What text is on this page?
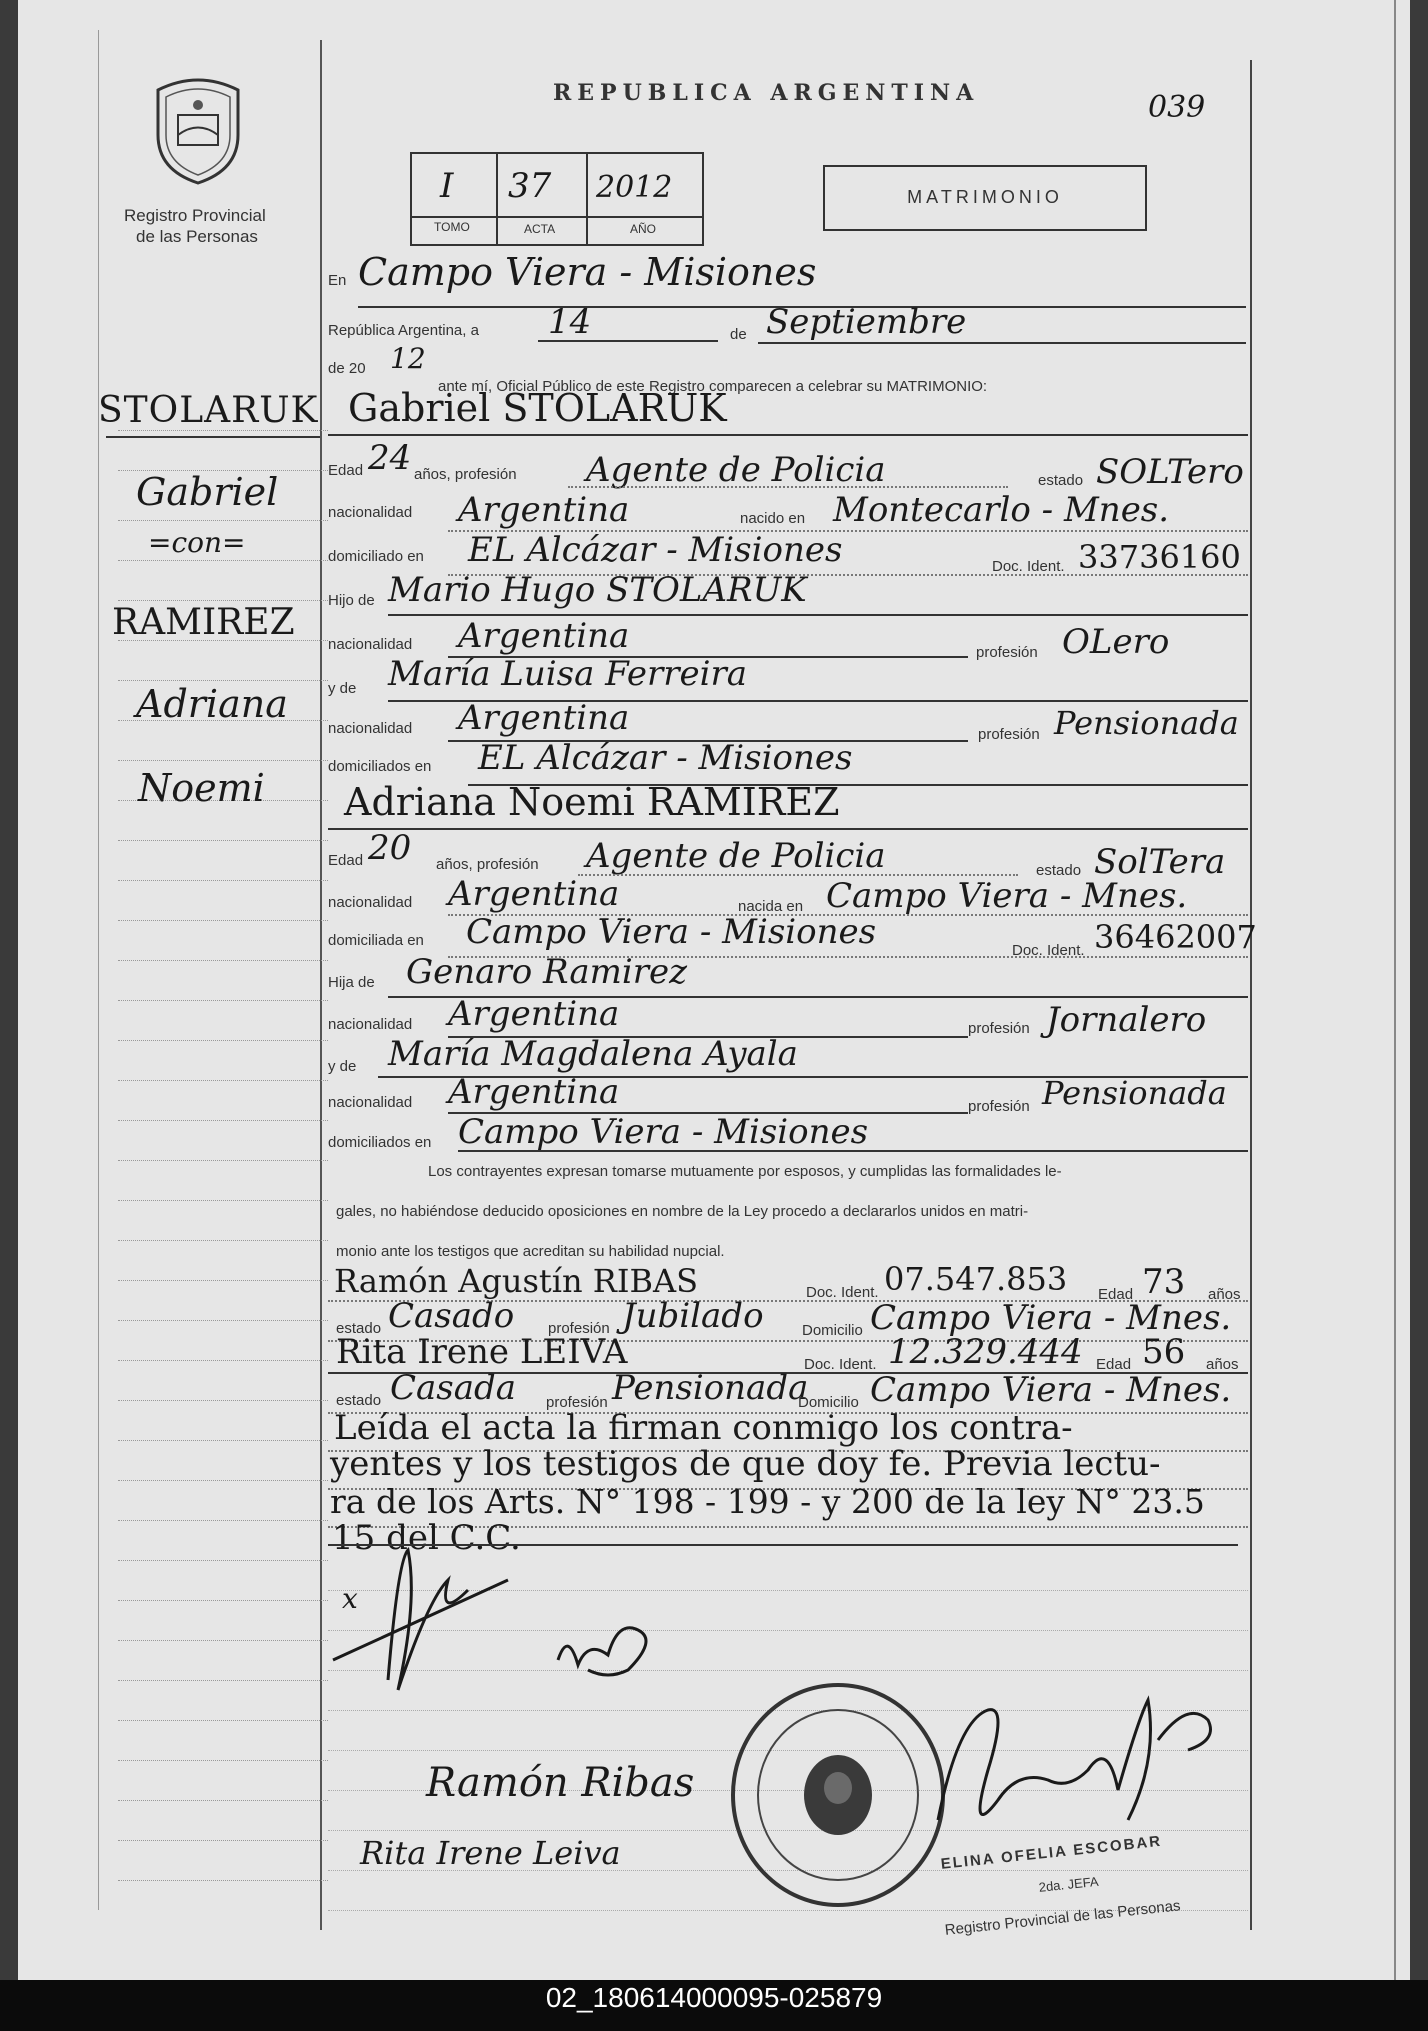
Registro Provincial
de las Personas
REPUBLICA ARGENTINA	039
I 37 2012
TOMO	ACTA	AÑO
MATRIMONIO
STOLARUK
Gabriel
=con=
RAMIREZ
Adriana
Noemi
En Campo Viera - Misiones
República Argentina, a 14	de Septiembre
de 20 12
ante mí, Oficial Público de este Registro comparecen a celebrar su MATRIMONIO:
Gabriel STOLARUK
Edad 24 años, profesión Agente de Policia	estado SOLTero
nacionalidad Argentina	nacido en Montecarlo - Mnes.
domiciliado en EL Alcázar - Misiones	Doc. Ident. 33736160
Hijo de Mario Hugo STOLARUK
nacionalidad Argentina	profesión OLero
y de María Luisa Ferreira
nacionalidad Argentina	profesión Pensionada
domiciliados en EL Alcázar - Misiones
Adriana Noemi RAMIREZ
Edad 20 años, profesión Agente de Policia	estado SolTera
nacionalidad Argentina	nacida en Campo Viera - Mnes.
domiciliada en Campo Viera - Misiones	Doc. Ident. 36462007
Hija de Genaro Ramirez
nacionalidad Argentina	profesión Jornalero
y de María Magdalena Ayala
nacionalidad Argentina	profesión Pensionada
domiciliados en Campo Viera - Misiones
Los contrayentes expresan tomarse mutuamente por esposos, y cumplidas las formalidades le-
gales, no habiéndose deducido oposiciones en nombre de la Ley procedo a declararlos unidos en matri-
monio ante los testigos que acreditan su habilidad nupcial.
Ramón Agustín RIBAS	Doc. Ident. 07.547.853 Edad 73 años
estado Casado profesión Jubilado	Domicilio Campo Viera - Mnes.
Rita Irene LEIVA	Doc. Ident. 12.329.444 Edad 56 años
estado Casada profesión Pensionada
Domicilio Campo Viera - Mnes.
Leída el acta la firman conmigo los contra-
yentes y los testigos de que doy fe. Previa lectu-
ra de los Arts. N° 198 - 199 - y 200 de la ley N° 23.5
15 del C.C.
x
Ramón Ribas
Rita Irene Leiva	ELINA OFELIA ESCOBAR
2da. JEFA
Registro Provincial de las Personas
02_180614000095-025879
